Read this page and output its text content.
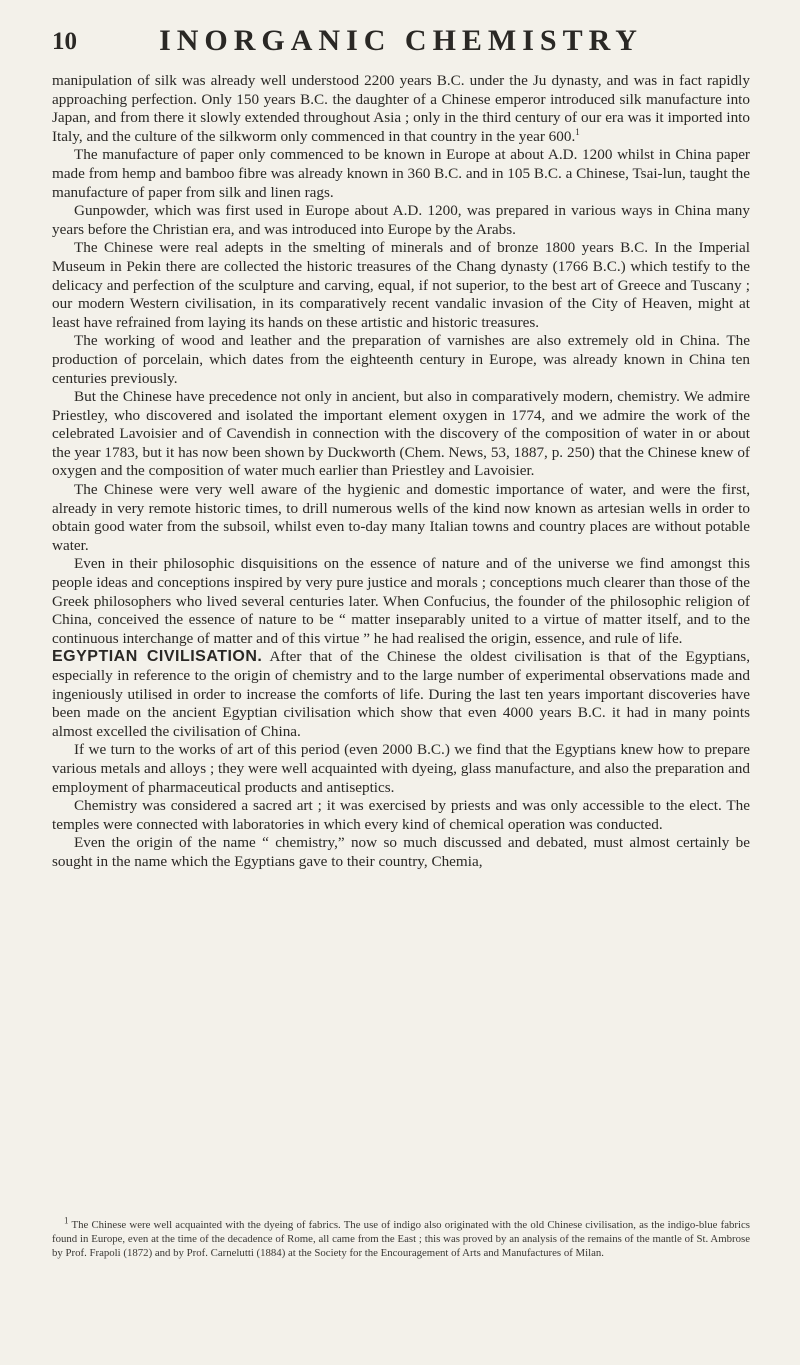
10	INORGANIC CHEMISTRY

manipulation of silk was already well understood 2200 years B.C. under the Ju dynasty, and was in fact rapidly approaching perfection. Only 150 years B.C. the daughter of a Chinese emperor introduced silk manufacture into Japan, and from there it slowly extended throughout Asia ; only in the third century of our era was it imported into Italy, and the culture of the silkworm only commenced in that country in the year 600.$^1$

The manufacture of paper only commenced to be known in Europe at about A.D. 1200 whilst in China paper made from hemp and bamboo fibre was already known in 360 B.C. and in 105 B.C. a Chinese, Tsai-lun, taught the manufacture of paper from silk and linen rags.

Gunpowder, which was first used in Europe about A.D. 1200, was prepared in various ways in China many years before the Christian era, and was introduced into Europe by the Arabs.

The Chinese were real adepts in the smelting of minerals and of bronze 1800 years B.C. In the Imperial Museum in Pekin there are collected the historic treasures of the Chang dynasty (1766 B.C.) which testify to the delicacy and perfection of the sculpture and carving, equal, if not superior, to the best art of Greece and Tuscany ; our modern Western civilisation, in its comparatively recent vandalic invasion of the City of Heaven, might at least have refrained from laying its hands on these artistic and historic treasures.

The working of wood and leather and the preparation of varnishes are also extremely old in China. The production of porcelain, which dates from the eighteenth century in Europe, was already known in China ten centuries previously.

But the Chinese have precedence not only in ancient, but also in comparatively modern, chemistry. We admire Priestley, who discovered and isolated the important element oxygen in 1774, and we admire the work of the celebrated Lavoisier and of Cavendish in connection with the discovery of the composition of water in or about the year 1783, but it has now been shown by Duckworth (Chem. News, 53, 1887, p. 250) that the Chinese knew of oxygen and the composition of water much earlier than Priestley and Lavoisier.

The Chinese were very well aware of the hygienic and domestic importance of water, and were the first, already in very remote historic times, to drill numerous wells of the kind now known as artesian wells in order to obtain good water from the subsoil, whilst even to-day many Italian towns and country places are without potable water.

Even in their philosophic disquisitions on the essence of nature and of the universe we find amongst this people ideas and conceptions inspired by very pure justice and morals ; conceptions much clearer than those of the Greek philosophers who lived several centuries later. When Confucius, the founder of the philosophic religion of China, conceived the essence of nature to be “ matter inseparably united to a virtue of matter itself, and to the continuous interchange of matter and of this virtue ” he had realised the origin, essence, and rule of life.

EGYPTIAN CIVILISATION. After that of the Chinese the oldest civilisation is that of the Egyptians, especially in reference to the origin of chemistry and to the large number of experimental observations made and ingeniously utilised in order to increase the comforts of life. During the last ten years important discoveries have been made on the ancient Egyptian civilisation which show that even 4000 years B.C. it had in many points almost excelled the civilisation of China.

If we turn to the works of art of this period (even 2000 B.C.) we find that the Egyptians knew how to prepare various metals and alloys ; they were well acquainted with dyeing, glass manufacture, and also the preparation and employment of pharmaceutical products and antiseptics.

Chemistry was considered a sacred art ; it was exercised by priests and was only accessible to the elect. The temples were connected with laboratories in which every kind of chemical operation was conducted.

Even the origin of the name “ chemistry,” now so much discussed and debated, must almost certainly be sought in the name which the Egyptians gave to their country, Chemia,

$^1$ The Chinese were well acquainted with the dyeing of fabrics. The use of indigo also originated with the old Chinese civilisation, as the indigo-blue fabrics found in Europe, even at the time of the decadence of Rome, all came from the East ; this was proved by an analysis of the remains of the mantle of St. Ambrose by Prof. Frapoli (1872) and by Prof. Carnelutti (1884) at the Society for the Encouragement of Arts and Manufactures of Milan.
